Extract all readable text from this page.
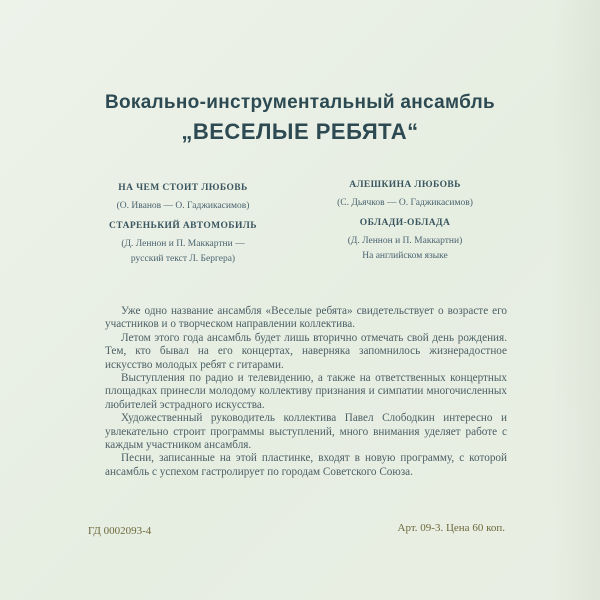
Вокально-инструментальный ансамбль
„ВЕСЕЛЫЕ РЕБЯТА“
НА ЧЕМ СТОИТ ЛЮБОВЬ
(О. Иванов — О. Гаджикасимов)
АЛЕШКИНА ЛЮБОВЬ
(С. Дьячков — О. Гаджикасимов)
СТАРЕНЬКИЙ АВТОМОБИЛЬ
(Д. Леннон и П. Маккартни —
русский текст Л. Бергера)
ОБЛАДИ-ОБЛАДА
(Д. Леннон и П. Маккартни)
На английском языке

Уже одно название ансамбля «Веселые ребята» свидетельствует о возрасте его участников и о творческом направлении коллектива.

Летом этого года ансамбль будет лишь вторично отмечать свой день рождения. Тем, кто бывал на его концертах, наверняка запомнилось жизнерадостное искусство молодых ребят с гитарами.

Выступления по радио и телевидению, а также на ответственных концертных площадках принесли молодому коллективу признания и симпатии многочисленных любителей эстрадного искусства.

Художественный руководитель коллектива Павел Слободкин интересно и увлекательно строит программы выступлений, много внимания уделяет работе с каждым участником ансамбля.

Песни, записанные на этой пластинке, входят в новую программу, с которой ансамбль с успехом гастролирует по городам Советского Союза.

ГД 0002093-4	Арт. 09-3. Цена 60 коп.
